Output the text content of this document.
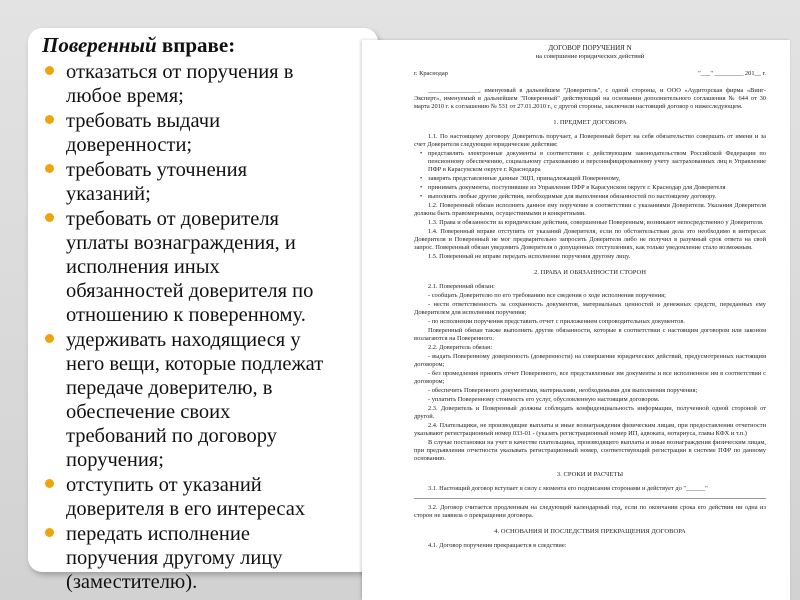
Поверенный вправе:
отказаться от поручения в
любое время;
требовать выдачи
доверенности;
требовать уточнения
указаний;
требовать от доверителя
уплаты вознаграждения, и
исполнения иных
обязанностей доверителя по
отношению к поверенному.
удерживать находящиеся у
него вещи, которые подлежат
передаче доверителю, в
обеспечение своих
требований по договору
поручения;
отступить от указаний
доверителя в его интересах
передать исполнение
поручения другому лицу
(заместителю).
ДОГОВОР ПОРУЧЕНИЯ N
на совершение юридических действий
г. Краснодар	"___" _________ 201__ г.

________________, именуемый в дальнейшем "Доверитель", с одной стороны, и ООО «Аудиторская фирма «Винг-Эксперт», именуемый в дальнейшем "Поверенный" действующий на основании дополнительного соглашения № 644 от 30 марта 2010 г. к соглашению № 531 от 27.01.2010 г., с другой стороны, заключили настоящий договор о нижеследующем.

1. ПРЕДМЕТ ДОГОВОРА

1.1. По настоящему договору Доверитель поручает, а Поверенный берет на себя обязательство совершать от имени и за счет Доверителя следующие юридические действия:

• представлять электронные документы в соответствии с действующим законодательством Российской Федерации по пенсионному обеспечению, социальному страхованию и персонифицированному учету застрахованных лиц в Управление ПФР в Карасунском округе г. Краснодара

• заверять представленные данные ЭЦП, принадлежащей Поверенному,

• принимать документы, поступившие из Управления ПФР в Карасунском округе г. Краснодар для Доверителя

• выполнять любые другие действия, необходимые для выполнения обязанностей по настоящему договору.

1.2. Поверенный обязан исполнить данное ему поручение в соответствии с указаниями Доверителя. Указания Доверителя должны быть правомерными, осуществимыми и конкретными.

1.3. Права и обязанности за юридические действия, совершенные Поверенным, возникают непосредственно у Доверителя.

1.4. Поверенный вправе отступить от указаний Доверителя, если по обстоятельствам дела это необходимо в интересах Доверителя и Поверенный не мог предварительно запросить Доверителя либо не получил в разумный срок ответа на свой запрос. Поверенный обязан уведомить Доверителя о допущенных отступлениях, как только уведомление стало возможным.

1.5. Поверенный не вправе передать исполнение поручения другому лицу.

2. ПРАВА И ОБЯЗАННОСТИ СТОРОН

2.1. Поверенный обязан:

- сообщать Доверителю по его требованию все сведения о ходе исполнения поручения;

- нести ответственность за сохранность документов, материальных ценностей и денежных средств, переданных ему Доверителем для исполнения поручения;

- по исполнении поручения представить отчет с приложением сопроводительных документов.

Поверенный обязан также выполнять другие обязанности, которые в соответствии с настоящим договором или законом возлагаются на Поверенного.

2.2. Доверитель обязан:

- выдать Поверенному доверенность (доверенности) на совершение юридических действий, предусмотренных настоящим договором;

- без промедления принять отчет Поверенного, все представленные им документы и все исполненное им в соответствии с договором;

- обеспечить Поверенного документами, материалами, необходимыми для выполнения поручения;

- уплатить Поверенному стоимость его услуг, обусловленную настоящим договором.

2.3. Доверитель и Поверенный должны соблюдать конфиденциальность информации, полученной одной стороной от другой.

2.4. Плательщики, не производящие выплаты и иные вознаграждения физическим лицам, при предоставлении отчетности указывают регистрационный номер 033-01 - (указать регистрационный номер ИП, адвоката, нотариуса, главы КФХ и т.п.)

В случае постановки на учет в качестве плательщика, производящего выплаты и иные вознаграждения физическим лицам, при предъявлении отчетности указывать регистрационный номер, соответствующий регистрации в системе ПФР по данному основанию.

3. СРОКИ И РАСЧЕТЫ

3.1. Настоящий договор вступает в силу с момента его подписания сторонами и действует до "______"

3.2. Договор считается продленным на следующий календарный год, если по окончании срока его действия ни одна из сторон не заявила о прекращении договора.

4. ОСНОВАНИЯ И ПОСЛЕДСТВИЯ ПРЕКРАЩЕНИЯ ДОГОВОРА

4.1. Договор поручения прекращается в следствие:
